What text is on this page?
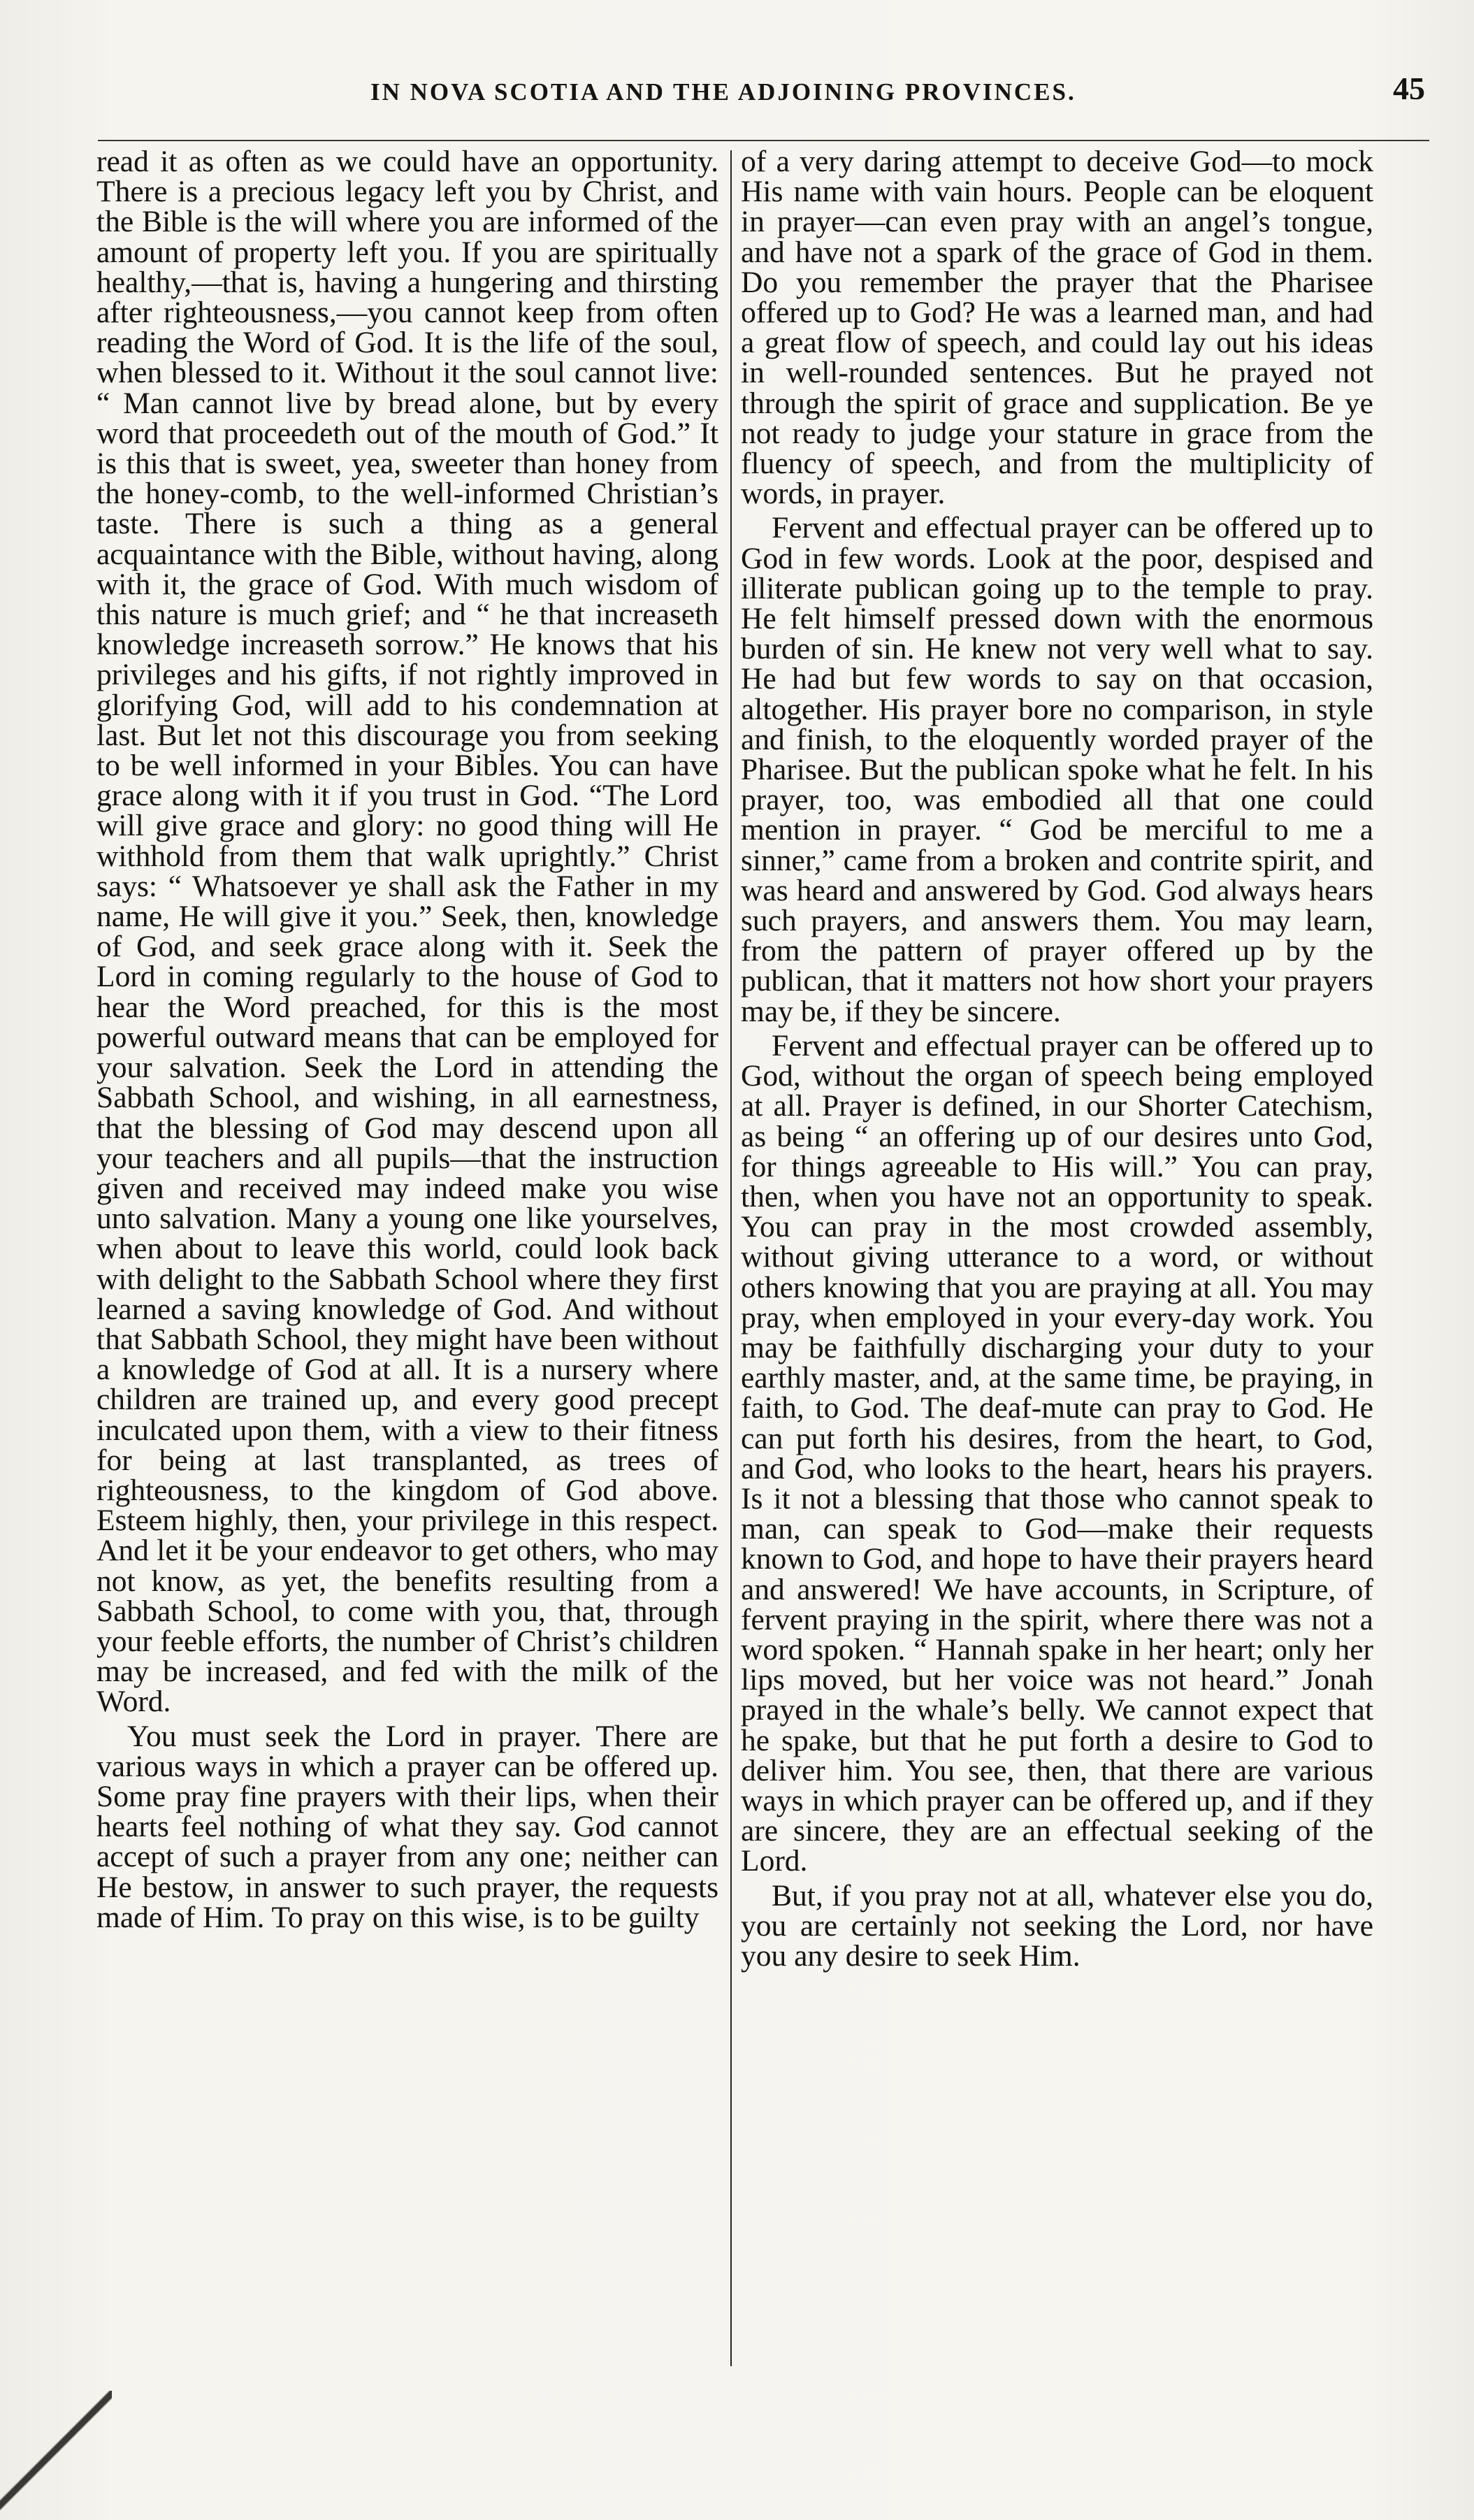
IN NOVA SCOTIA AND THE ADJOINING PROVINCES.	45

read it as often as we could have an opportunity. There is a precious legacy left you by Christ, and the Bible is the will where you are informed of the amount of property left you. If you are spiritually healthy,—that is, having a hungering and thirsting after righteousness,—you cannot keep from often reading the Word of God. It is the life of the soul, when blessed to it. Without it the soul cannot live: “ Man cannot live by bread alone, but by every word that proceedeth out of the mouth of God.” It is this that is sweet, yea, sweeter than honey from the honey-comb, to the well-informed Christian’s taste. There is such a thing as a general acquaintance with the Bible, without having, along with it, the grace of God. With much wisdom of this nature is much grief; and “ he that increaseth knowledge increaseth sorrow.” He knows that his privileges and his gifts, if not rightly improved in glorifying God, will add to his condemnation at last. But let not this discourage you from seeking to be well informed in your Bibles. You can have grace along with it if you trust in God. “The Lord will give grace and glory: no good thing will He withhold from them that walk uprightly.” Christ says: “ Whatsoever ye shall ask the Father in my name, He will give it you.” Seek, then, knowledge of God, and seek grace along with it. Seek the Lord in coming regularly to the house of God to hear the Word preached, for this is the most powerful outward means that can be employed for your salvation. Seek the Lord in attending the Sabbath School, and wishing, in all earnestness, that the blessing of God may descend upon all your teachers and all pupils—that the instruction given and received may indeed make you wise unto salvation. Many a young one like yourselves, when about to leave this world, could look back with delight to the Sabbath School where they first learned a saving knowledge of God. And without that Sabbath School, they might have been without a knowledge of God at all. It is a nursery where children are trained up, and every good precept inculcated upon them, with a view to their fitness for being at last transplanted, as trees of righteousness, to the kingdom of God above. Esteem highly, then, your privilege in this respect. And let it be your endeavor to get others, who may not know, as yet, the benefits resulting from a Sabbath School, to come with you, that, through your feeble efforts, the number of Christ’s children may be increased, and fed with the milk of the Word.

You must seek the Lord in prayer. There are various ways in which a prayer can be offered up. Some pray fine prayers with their lips, when their hearts feel nothing of what they say. God cannot accept of such a prayer from any one; neither can He bestow, in answer to such prayer, the requests made of Him. To pray on this wise, is to be guilty

of a very daring attempt to deceive God—to mock His name with vain hours. People can be eloquent in prayer—can even pray with an angel’s tongue, and have not a spark of the grace of God in them. Do you remember the prayer that the Pharisee offered up to God? He was a learned man, and had a great flow of speech, and could lay out his ideas in well-rounded sentences. But he prayed not through the spirit of grace and supplication. Be ye not ready to judge your stature in grace from the fluency of speech, and from the multiplicity of words, in prayer.

Fervent and effectual prayer can be offered up to God in few words. Look at the poor, despised and illiterate publican going up to the temple to pray. He felt himself pressed down with the enormous burden of sin. He knew not very well what to say. He had but few words to say on that occasion, altogether. His prayer bore no comparison, in style and finish, to the eloquently worded prayer of the Pharisee. But the publican spoke what he felt. In his prayer, too, was embodied all that one could mention in prayer. “ God be merciful to me a sinner,” came from a broken and contrite spirit, and was heard and answered by God. God always hears such prayers, and answers them. You may learn, from the pattern of prayer offered up by the publican, that it matters not how short your prayers may be, if they be sincere.

Fervent and effectual prayer can be offered up to God, without the organ of speech being employed at all. Prayer is defined, in our Shorter Catechism, as being “ an offering up of our desires unto God, for things agreeable to His will.” You can pray, then, when you have not an opportunity to speak. You can pray in the most crowded assembly, without giving utterance to a word, or without others knowing that you are praying at all. You may pray, when employed in your every-day work. You may be faithfully discharging your duty to your earthly master, and, at the same time, be praying, in faith, to God. The deaf-mute can pray to God. He can put forth his desires, from the heart, to God, and God, who looks to the heart, hears his prayers. Is it not a blessing that those who cannot speak to man, can speak to God—make their requests known to God, and hope to have their prayers heard and answered! We have accounts, in Scripture, of fervent praying in the spirit, where there was not a word spoken. “ Hannah spake in her heart; only her lips moved, but her voice was not heard.” Jonah prayed in the whale’s belly. We cannot expect that he spake, but that he put forth a desire to God to deliver him. You see, then, that there are various ways in which prayer can be offered up, and if they are sincere, they are an effectual seeking of the Lord.

But, if you pray not at all, whatever else you do, you are certainly not seeking the Lord, nor have you any desire to seek Him.
